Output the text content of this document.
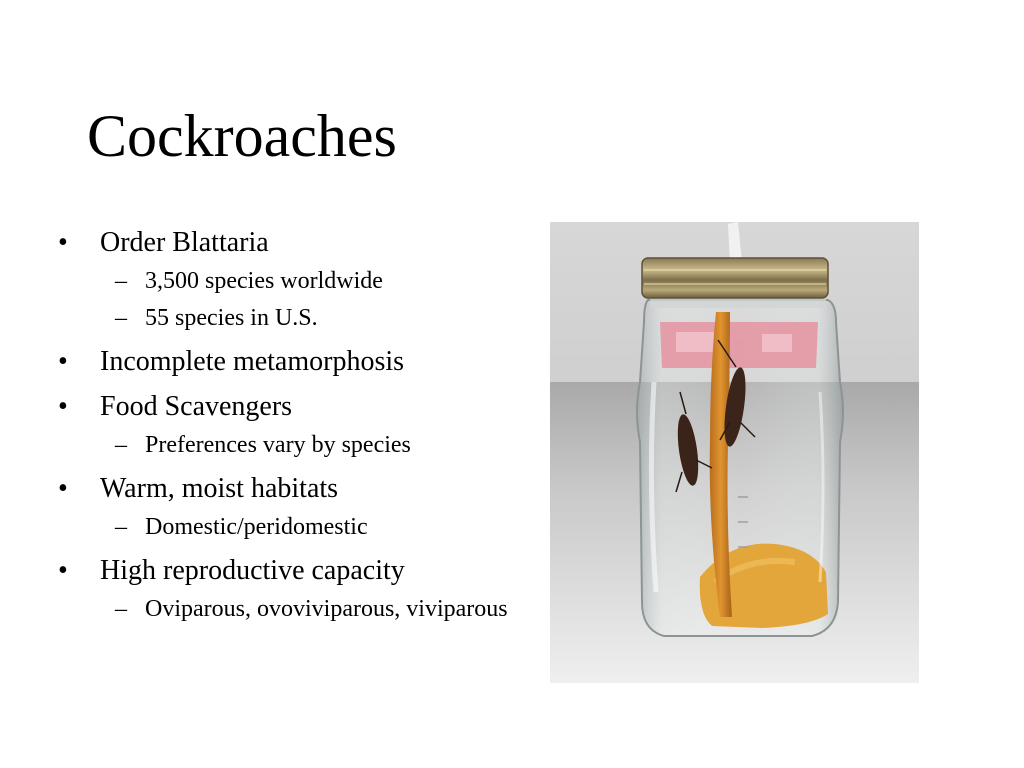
Cockroaches
• Order Blattaria
– 3,500 species worldwide
– 55 species in U.S.
• Incomplete metamorphosis
• Food Scavengers
– Preferences vary by species
• Warm, moist habitats
– Domestic/peridomestic
• High reproductive capacity
– Oviparous, ovoviviparous, viviparous
